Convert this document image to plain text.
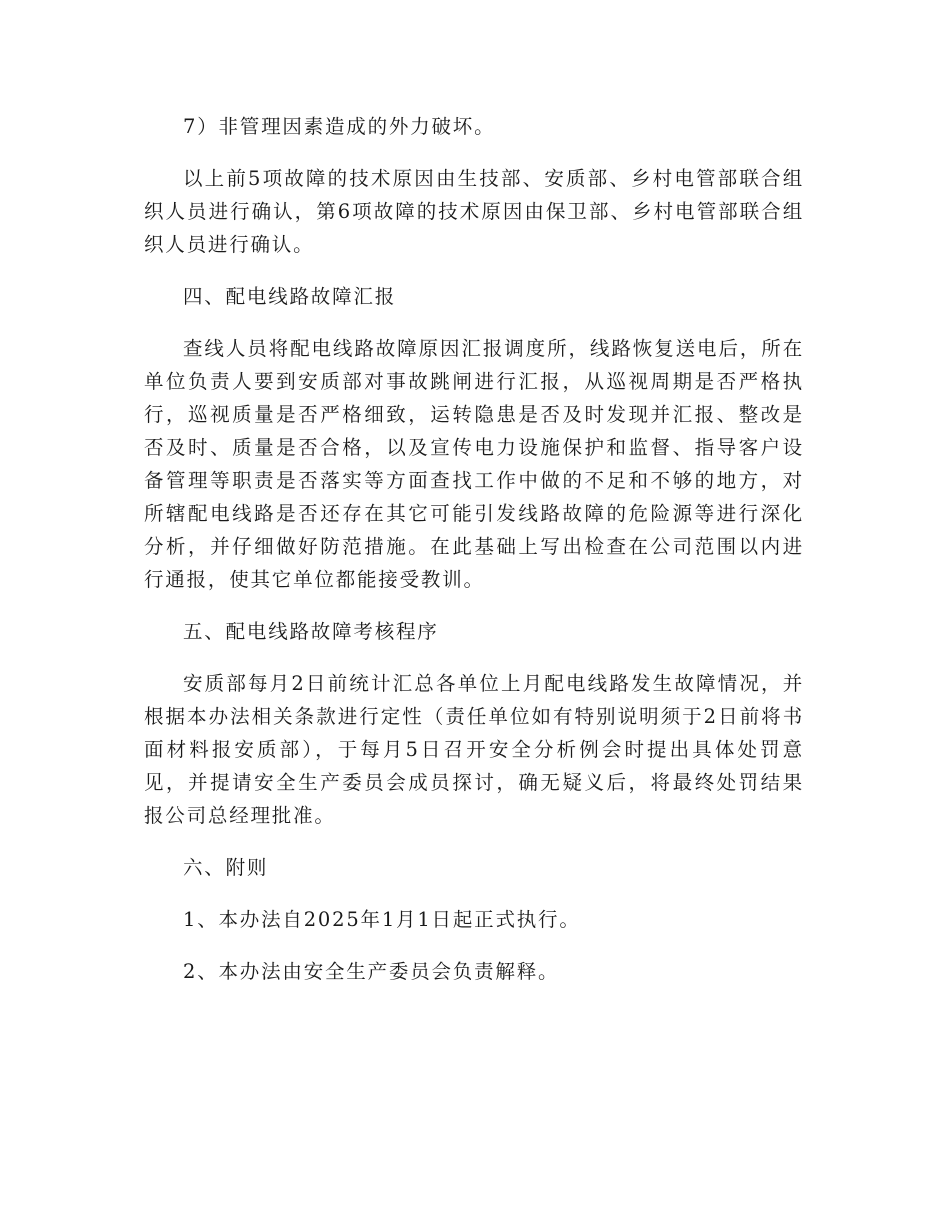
7）非管理因素造成的外力破坏。

以上前5项故障的技术原因由生技部、安质部、乡村电管部联合组织人员进行确认，第6项故障的技术原因由保卫部、乡村电管部联合组织人员进行确认。

四、配电线路故障汇报

查线人员将配电线路故障原因汇报调度所，线路恢复送电后，所在单位负责人要到安质部对事故跳闸进行汇报，从巡视周期是否严格执行，巡视质量是否严格细致，运转隐患是否及时发现并汇报、整改是否及时、质量是否合格，以及宣传电力设施保护和监督、指导客户设备管理等职责是否落实等方面查找工作中做的不足和不够的地方，对所辖配电线路是否还存在其它可能引发线路故障的危险源等进行深化分析，并仔细做好防范措施。在此基础上写出检查在公司范围以内进行通报，使其它单位都能接受教训。

五、配电线路故障考核程序

安质部每月2日前统计汇总各单位上月配电线路发生故障情况，并根据本办法相关条款进行定性（责任单位如有特别说明须于2日前将书面材料报安质部），于每月5日召开安全分析例会时提出具体处罚意见，并提请安全生产委员会成员探讨，确无疑义后，将最终处罚结果报公司总经理批准。

六、附则

1、本办法自2025年1月1日起正式执行。

2、本办法由安全生产委员会负责解释。
